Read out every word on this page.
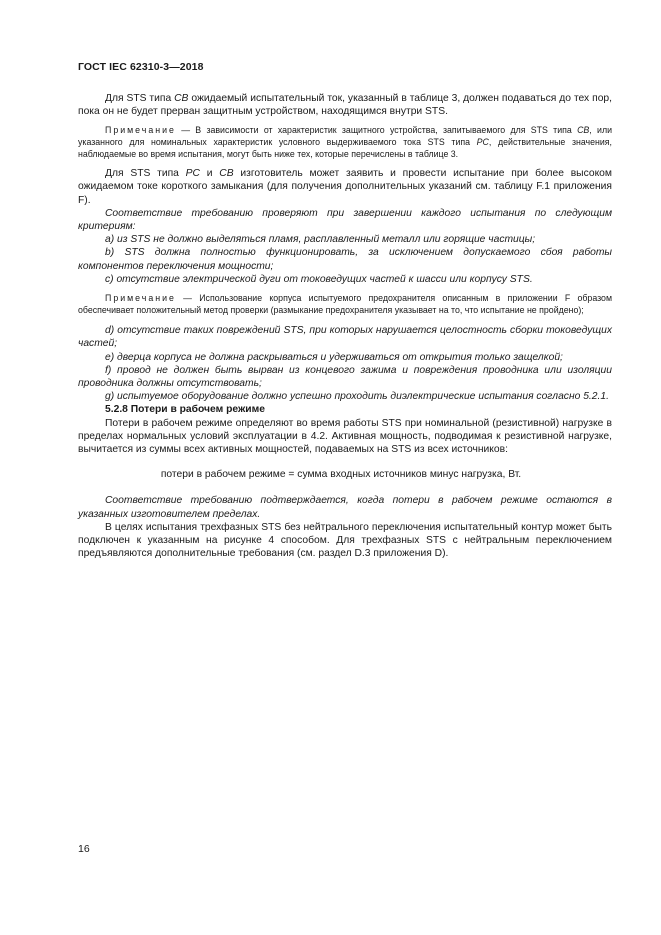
ГОСТ IEC 62310-3—2018

Для STS типа CB ожидаемый испытательный ток, указанный в таблице 3, должен подаваться до тех пор, пока он не будет прерван защитным устройством, находящимся внутри STS.

Примечание — В зависимости от характеристик защитного устройства, запитываемого для STS типа CB, или указанного для номинальных характеристик условного выдерживаемого тока STS типа PC, действительные значения, наблюдаемые во время испытания, могут быть ниже тех, которые перечислены в таблице 3.

Для STS типа PC и CB изготовитель может заявить и провести испытание при более высоком ожидаемом токе короткого замыкания (для получения дополнительных указаний см. таблицу F.1 приложения F).

Соответствие требованию проверяют при завершении каждого испытания по следующим критериям:

a) из STS не должно выделяться пламя, расплавленный металл или горящие частицы;

b) STS должна полностью функционировать, за исключением допускаемого сбоя работы компонентов переключения мощности;

c) отсутствие электрической дуги от токоведущих частей к шасси или корпусу STS.

Примечание — Использование корпуса испытуемого предохранителя описанным в приложении F образом обеспечивает положительный метод проверки (размыкание предохранителя указывает на то, что испытание не пройдено);

d) отсутствие таких повреждений STS, при которых нарушается целостность сборки токоведущих частей;

e) дверца корпуса не должна раскрываться и удерживаться от открытия только защелкой;

f) провод не должен быть вырван из концевого зажима и повреждения проводника или изоляции проводника должны отсутствовать;

g) испытуемое оборудование должно успешно проходить диэлектрические испытания согласно 5.2.1.

5.2.8 Потери в рабочем режиме

Потери в рабочем режиме определяют во время работы STS при номинальной (резистивной) нагрузке в пределах нормальных условий эксплуатации в 4.2. Активная мощность, подводимая к резистивной нагрузке, вычитается из суммы всех активных мощностей, подаваемых на STS из всех источников:

потери в рабочем режиме = сумма входных источников минус нагрузка, Вт.

Соответствие требованию подтверждается, когда потери в рабочем режиме остаются в указанных изготовителем пределах.

В целях испытания трехфазных STS без нейтрального переключения испытательный контур может быть подключен к указанным на рисунке 4 способом. Для трехфазных STS с нейтральным переключением предъявляются дополнительные требования (см. раздел D.3 приложения D).

16
